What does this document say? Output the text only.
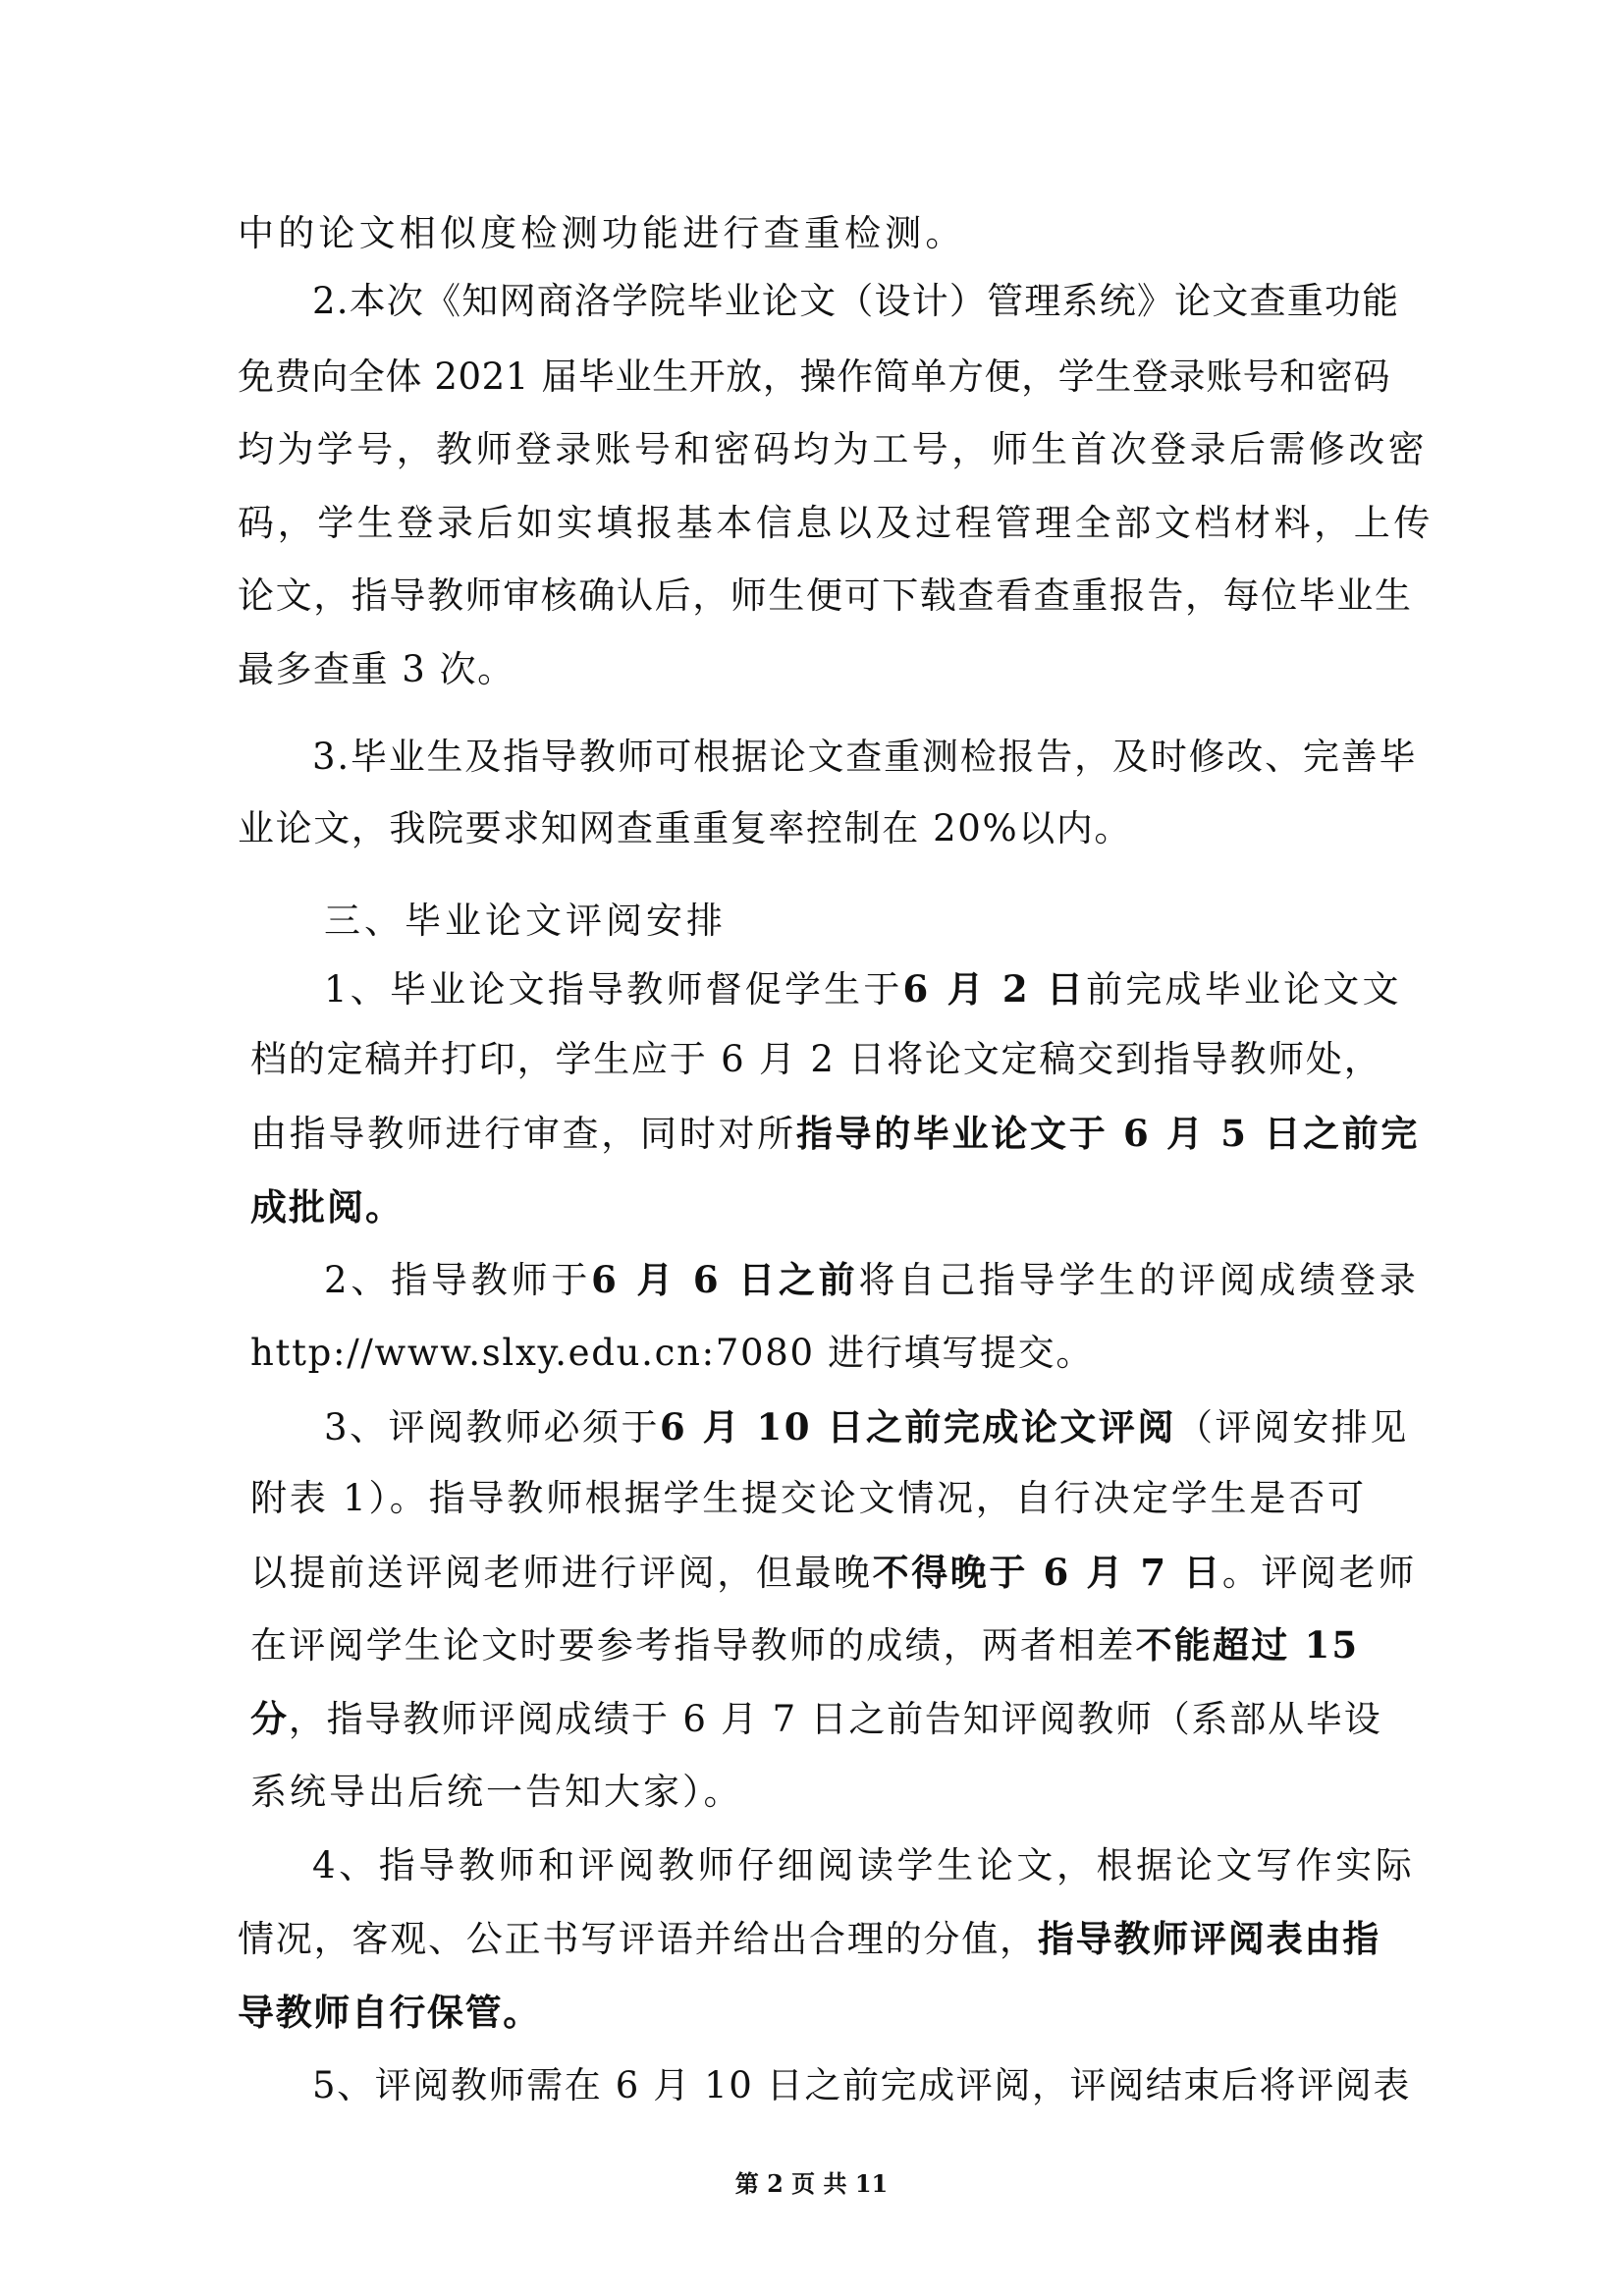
中的论文相似度检测功能进行查重检测。
2.本次《知网商洛学院毕业论文（设计）管理系统》论文查重功能
免费向全体 2021 届毕业生开放，操作简单方便，学生登录账号和密码
均为学号，教师登录账号和密码均为工号，师生首次登录后需修改密
码，学生登录后如实填报基本信息以及过程管理全部文档材料，上传
论文，指导教师审核确认后，师生便可下载查看查重报告，每位毕业生
最多查重 3 次。
3.毕业生及指导教师可根据论文查重测检报告，及时修改、完善毕
业论文，我院要求知网查重重复率控制在 20%以内。
三、毕业论文评阅安排
1、毕业论文指导教师督促学生于6 月 2 日前完成毕业论文文
档的定稿并打印，学生应于 6 月 2 日将论文定稿交到指导教师处，
由指导教师进行审查，同时对所指导的毕业论文于 6 月 5 日之前完
成批阅。
2、指导教师于6 月 6 日之前将自己指导学生的评阅成绩登录
http://www.slxy.edu.cn:7080 进行填写提交。
3、评阅教师必须于6 月 10 日之前完成论文评阅（评阅安排见
附表 1）。指导教师根据学生提交论文情况，自行决定学生是否可
以提前送评阅老师进行评阅，但最晚不得晚于 6 月 7 日。评阅老师
在评阅学生论文时要参考指导教师的成绩，两者相差不能超过 15
分，指导教师评阅成绩于 6 月 7 日之前告知评阅教师（系部从毕设
系统导出后统一告知大家）。
4、指导教师和评阅教师仔细阅读学生论文，根据论文写作实际
情况，客观、公正书写评语并给出合理的分值，指导教师评阅表由指
导教师自行保管。
5、评阅教师需在 6 月 10 日之前完成评阅，评阅结束后将评阅表
第 2 页 共 11
